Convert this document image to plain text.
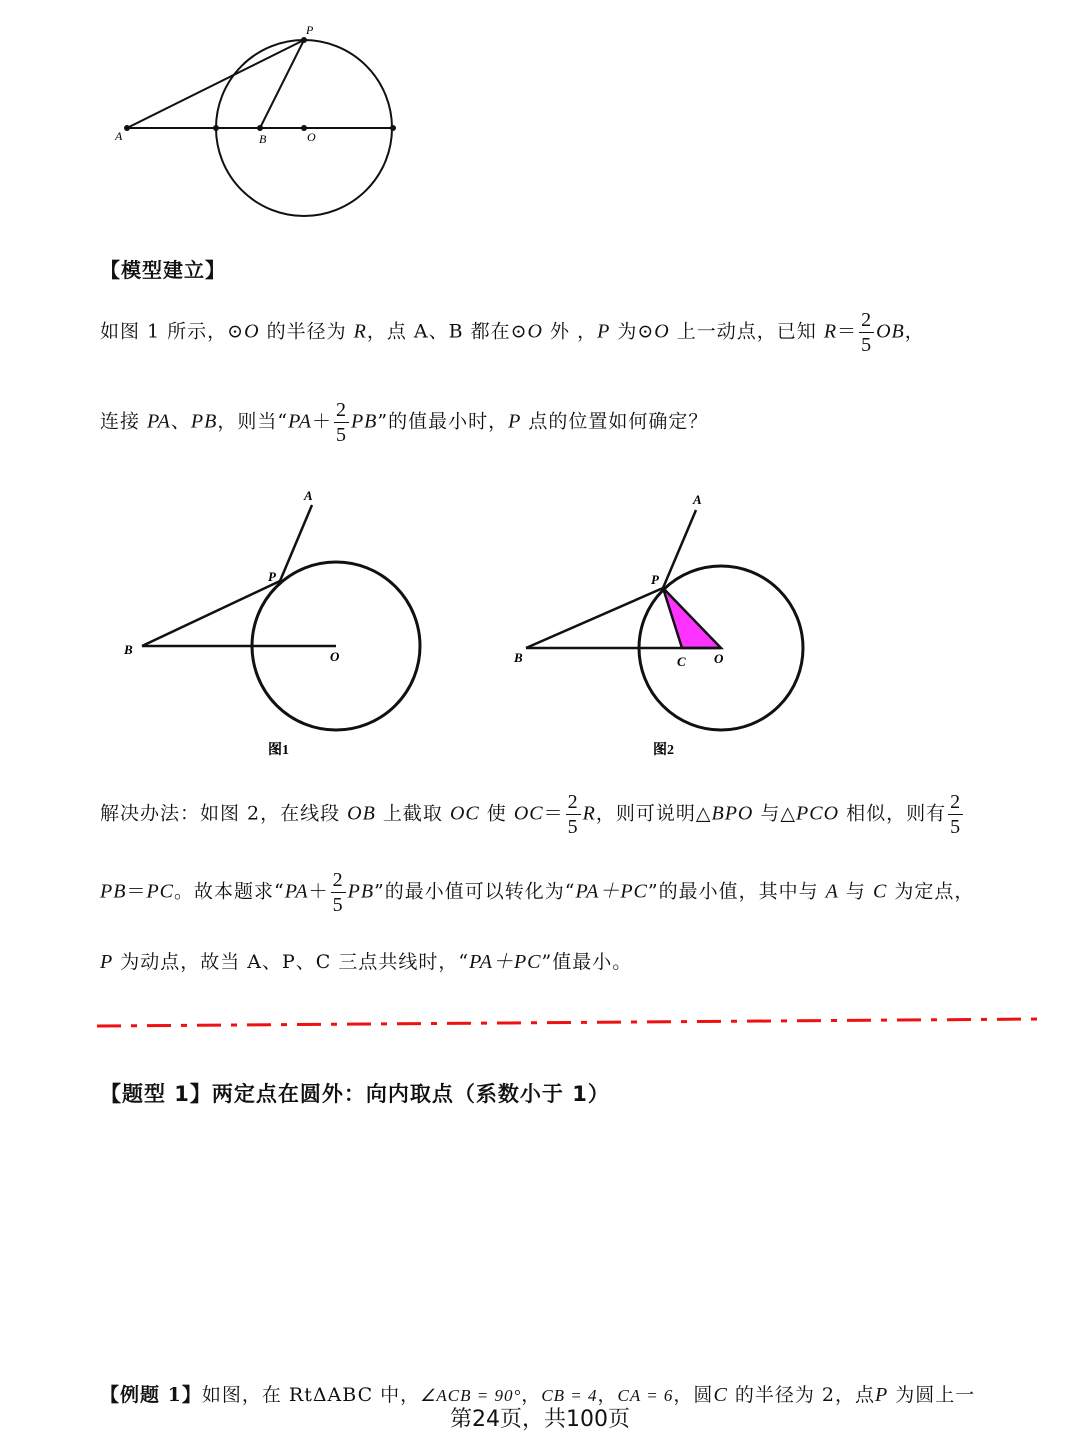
P
A	B	O
【模型建立】
如图 1 所示，⊙O 的半径为 R，点 A、B 都在⊙O 外 ，P 为⊙O 上一动点，已知 $R= \frac{2}{5}$ OB，
连接 PA、PB，则当“$PA+ \frac{2}{5}$ PB”的值最小时，P 点的位置如何确定？
A
P
B	O
图1
A
P
B	C O
图2
解决办法：如图 2，在线段 OB 上截取 OC 使 $OC= \frac{2}{5}$ R，则可说明△BPO 与△PCO 相似，则有 $\frac{2}{5}$
PB＝PC。故本题求“$PA+ \frac{2}{5}$ PB”的最小值可以转化为“PA＋PC”的最小值，其中与 A 与 C 为定点，
P 为动点，故当 A、P、C 三点共线时，“PA＋PC”值最小。
【题型 1】两定点在圆外：向内取点（系数小于 1）
【例题 1】如图，在 RtΔABC 中，∠ACB = 90°，CB = 4，CA = 6，圆C 的半径为 2，点P 为圆上一
第24页，共100页
